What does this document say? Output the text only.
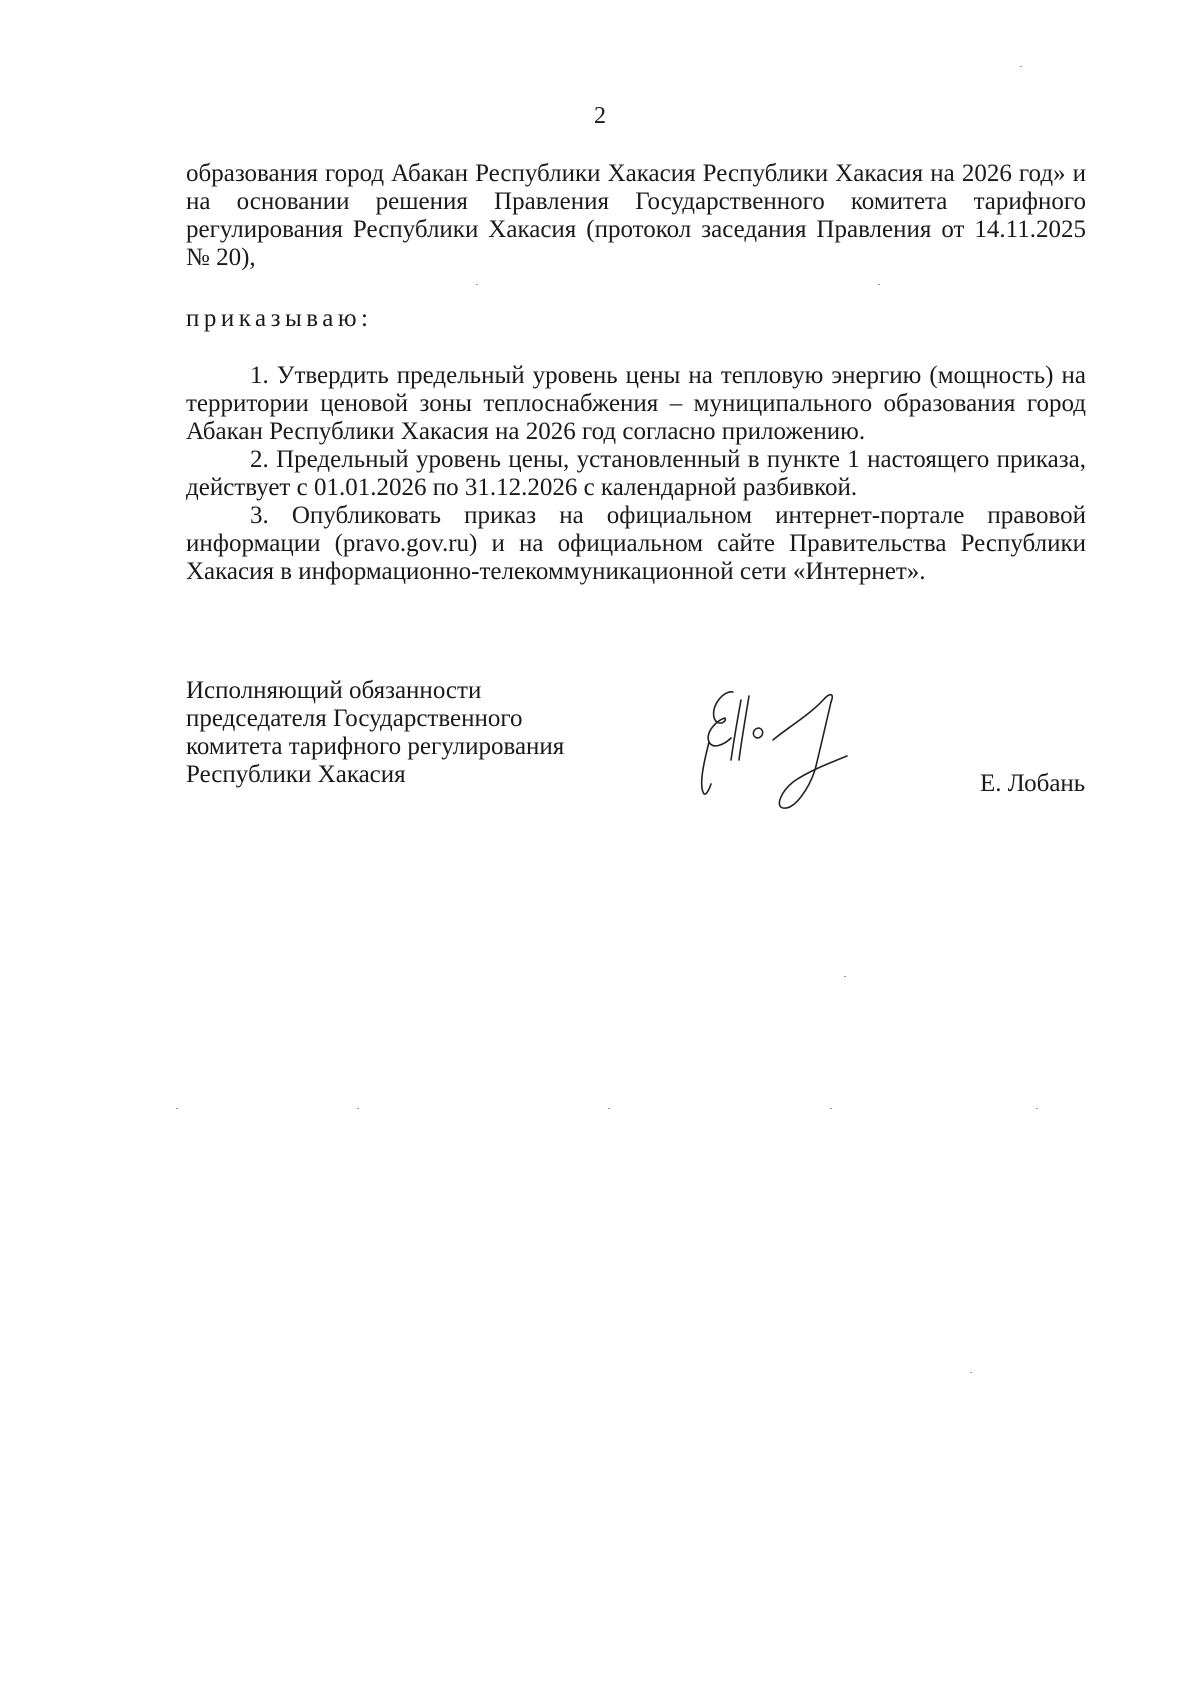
2

образования город Абакан Республики Хакасия Республики Хакасия на 2026 год» и на основании решения Правления Государственного комитета тарифного регулирования Республики Хакасия (протокол заседания Правления от 14.11.2025 № 20),

приказываю:

1. Утвердить предельный уровень цены на тепловую энергию (мощность) на территории ценовой зоны теплоснабжения – муниципального образования город Абакан Республики Хакасия на 2026 год согласно приложению.

2. Предельный уровень цены, установленный в пункте 1 настоящего приказа, действует с 01.01.2026 по 31.12.2026 с календарной разбивкой.

3. Опубликовать приказ на официальном интернет-портале правовой информации (pravo.gov.ru) и на официальном сайте Правительства Республики Хакасия в информационно-телекоммуникационной сети «Интернет».

Исполняющий обязанности
председателя Государственного
комитета тарифного регулирования
Республики Хакасия	Е. Лобань
